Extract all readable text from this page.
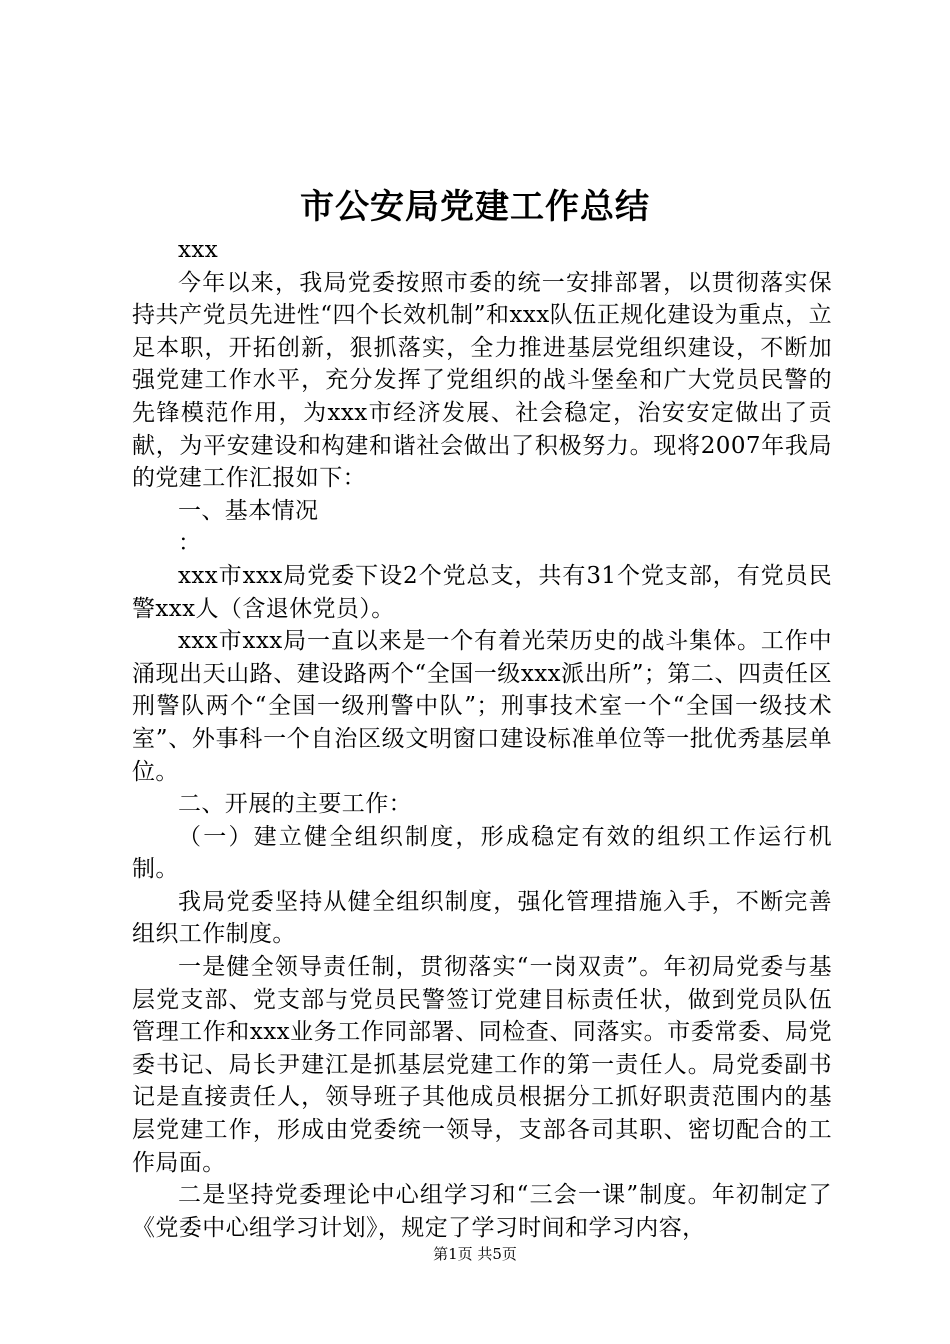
市公安局党建工作总结

xxx

今年以来，我局党委按照市委的统一安排部署，以贯彻落实保持共产党员先进性“四个长效机制”和xxx队伍正规化建设为重点，立足本职，开拓创新，狠抓落实，全力推进基层党组织建设，不断加强党建工作水平，充分发挥了党组织的战斗堡垒和广大党员民警的先锋模范作用，为xxx市经济发展、社会稳定，治安安定做出了贡献，为平安建设和构建和谐社会做出了积极努力。现将2007年我局的党建工作汇报如下：

一、基本情况

：

xxx市xxx局党委下设2个党总支，共有31个党支部，有党员民警xxx人（含退休党员）。

xxx市xxx局一直以来是一个有着光荣历史的战斗集体。工作中涌现出天山路、建设路两个“全国一级xxx派出所”；第二、四责任区刑警队两个“全国一级刑警中队”；刑事技术室一个“全国一级技术室”、外事科一个自治区级文明窗口建设标准单位等一批优秀基层单位。

二、开展的主要工作：

（一）建立健全组织制度，形成稳定有效的组织工作运行机制。

我局党委坚持从健全组织制度，强化管理措施入手，不断完善组织工作制度。

一是健全领导责任制，贯彻落实“一岗双责”。年初局党委与基层党支部、党支部与党员民警签订党建目标责任状，做到党员队伍管理工作和xxx业务工作同部署、同检查、同落实。市委常委、局党委书记、局长尹建江是抓基层党建工作的第一责任人。局党委副书记是直接责任人，领导班子其他成员根据分工抓好职责范围内的基层党建工作，形成由党委统一领导，支部各司其职、密切配合的工作局面。

二是坚持党委理论中心组学习和“三会一课”制度。年初制定了《党委中心组学习计划》，规定了学习时间和学习内容，

第1页 共5页
